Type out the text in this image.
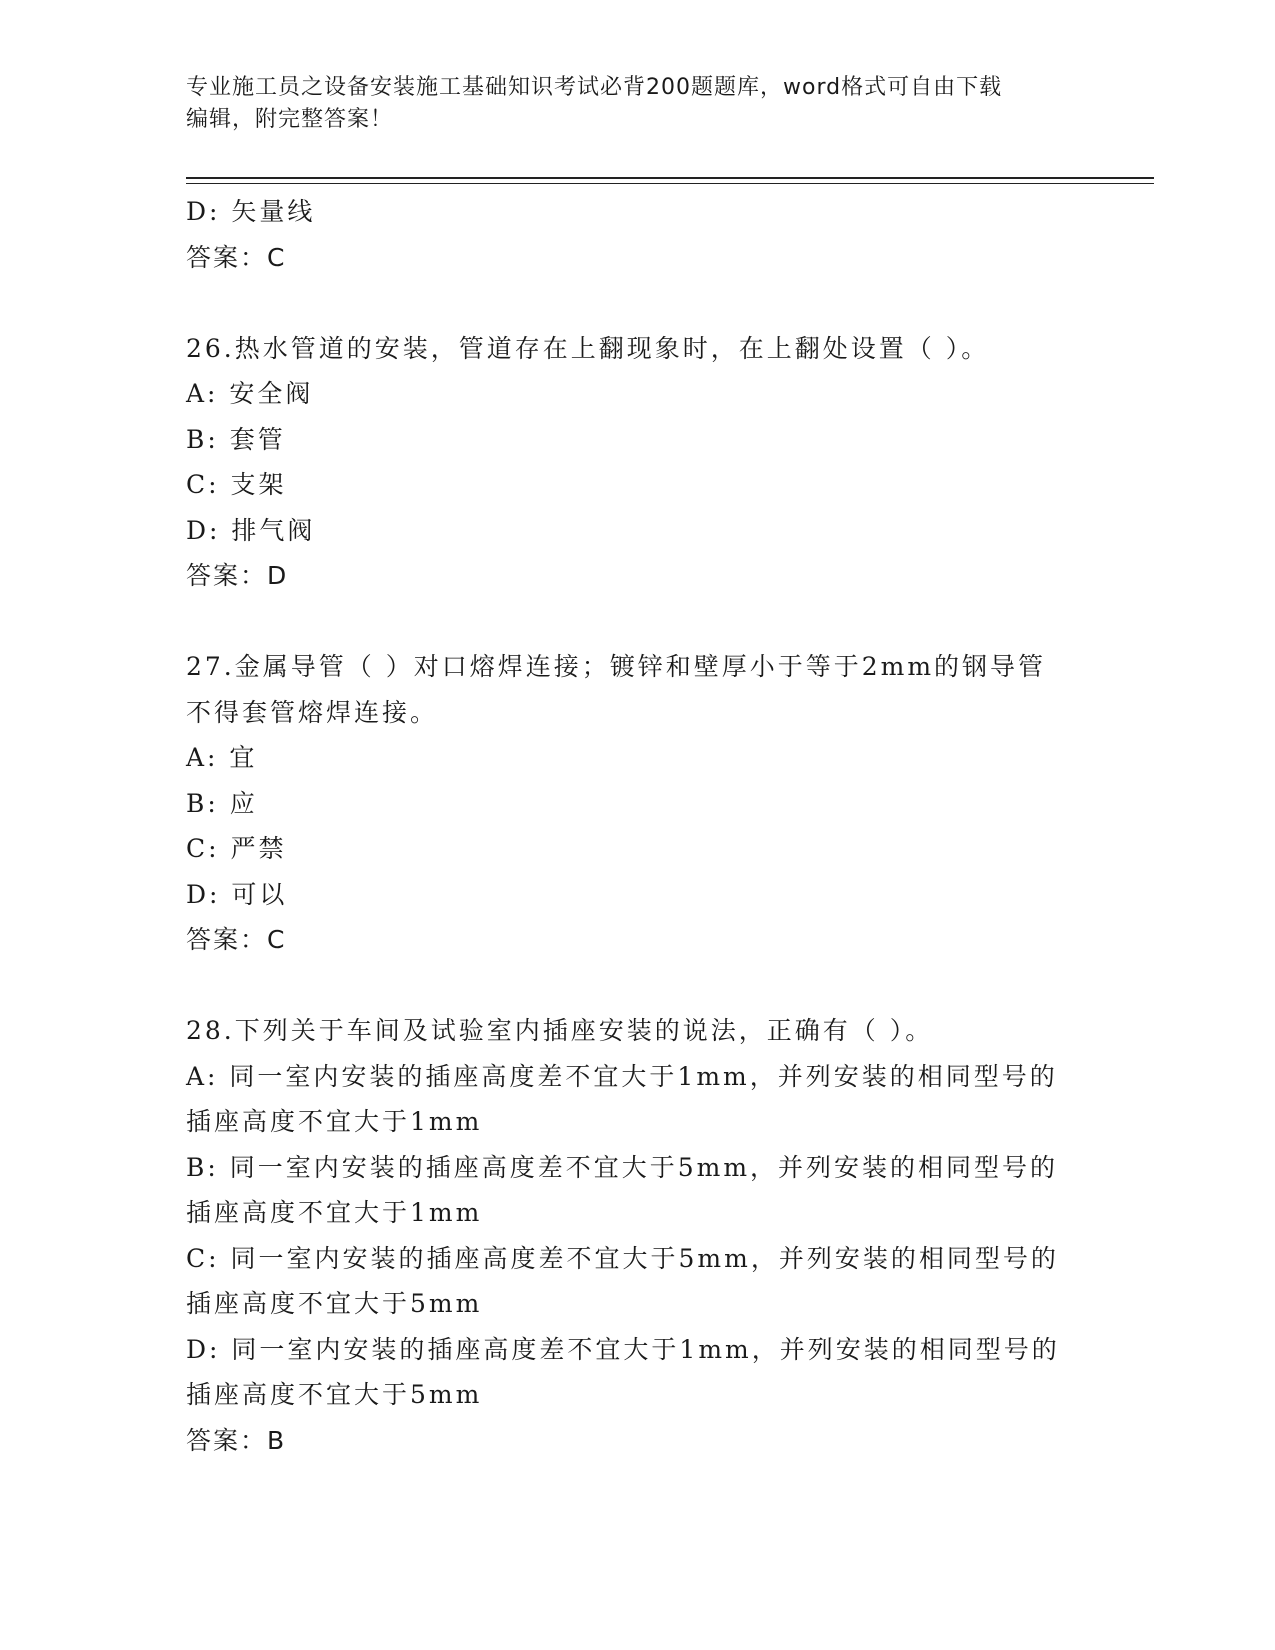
专业施工员之设备安装施工基础知识考试必背200题题库，word格式可自由下载
编辑，附完整答案！
D: 矢量线
答案：C
26.热水管道的安装，管道存在上翻现象时，在上翻处设置（ ）。
A: 安全阀
B: 套管
C: 支架
D: 排气阀
答案：D
27.金属导管（ ）对口熔焊连接；镀锌和壁厚小于等于2mm的钢导管
不得套管熔焊连接。
A: 宜
B: 应
C: 严禁
D: 可以
答案：C
28.下列关于车间及试验室内插座安装的说法，正确有（ ）。
A: 同一室内安装的插座高度差不宜大于1mm，并列安装的相同型号的
插座高度不宜大于1mm
B: 同一室内安装的插座高度差不宜大于5mm，并列安装的相同型号的
插座高度不宜大于1mm
C: 同一室内安装的插座高度差不宜大于5mm，并列安装的相同型号的
插座高度不宜大于5mm
D: 同一室内安装的插座高度差不宜大于1mm，并列安装的相同型号的
插座高度不宜大于5mm
答案：B
